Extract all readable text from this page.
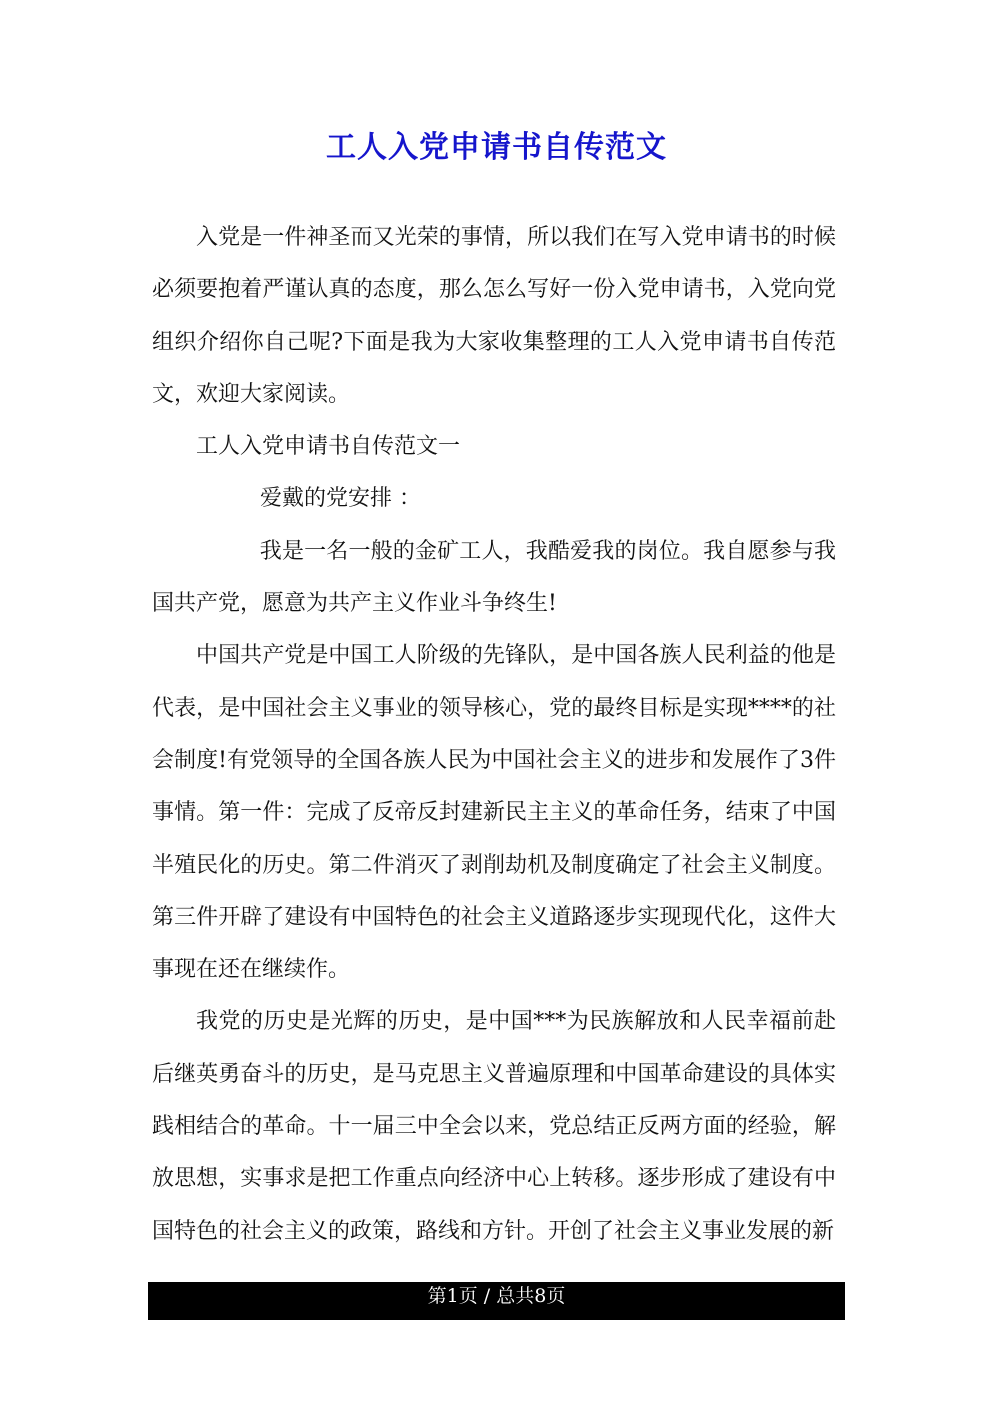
工人入党申请书自传范文

入党是一件神圣而又光荣的事情，所以我们在写入党申请书的时候必须要抱着严谨认真的态度，那么怎么写好一份入党申请书，入党向党组织介绍你自己呢?下面是我为大家收集整理的工人入党申请书自传范文，欢迎大家阅读。

工人入党申请书自传范文一

爱戴的党安排 ：

我是一名一般的金矿工人，我酷爱我的岗位。我自愿参与我国共产党，愿意为共产主义作业斗争终生!

中国共产党是中国工人阶级的先锋队，是中国各族人民利益的他是代表，是中国社会主义事业的领导核心，党的最终目标是实现****的社会制度!有党领导的全国各族人民为中国社会主义的进步和发展作了3件事情。第一件：完成了反帝反封建新民主主义的革命任务，结束了中国半殖民化的历史。第二件消灭了剥削劫机及制度确定了社会主义制度。第三件开辟了建设有中国特色的社会主义道路逐步实现现代化，这件大事现在还在继续作。

我党的历史是光辉的历史，是中国***为民族解放和人民幸福前赴后继英勇奋斗的历史，是马克思主义普遍原理和中国革命建设的具体实践相结合的革命。十一届三中全会以来，党总结正反两方面的经验，解放思想，实事求是把工作重点向经济中心上转移。逐步形成了建设有中国特色的社会主义的政策，路线和方针。开创了社会主义事业发展的新

第1页 / 总共8页
